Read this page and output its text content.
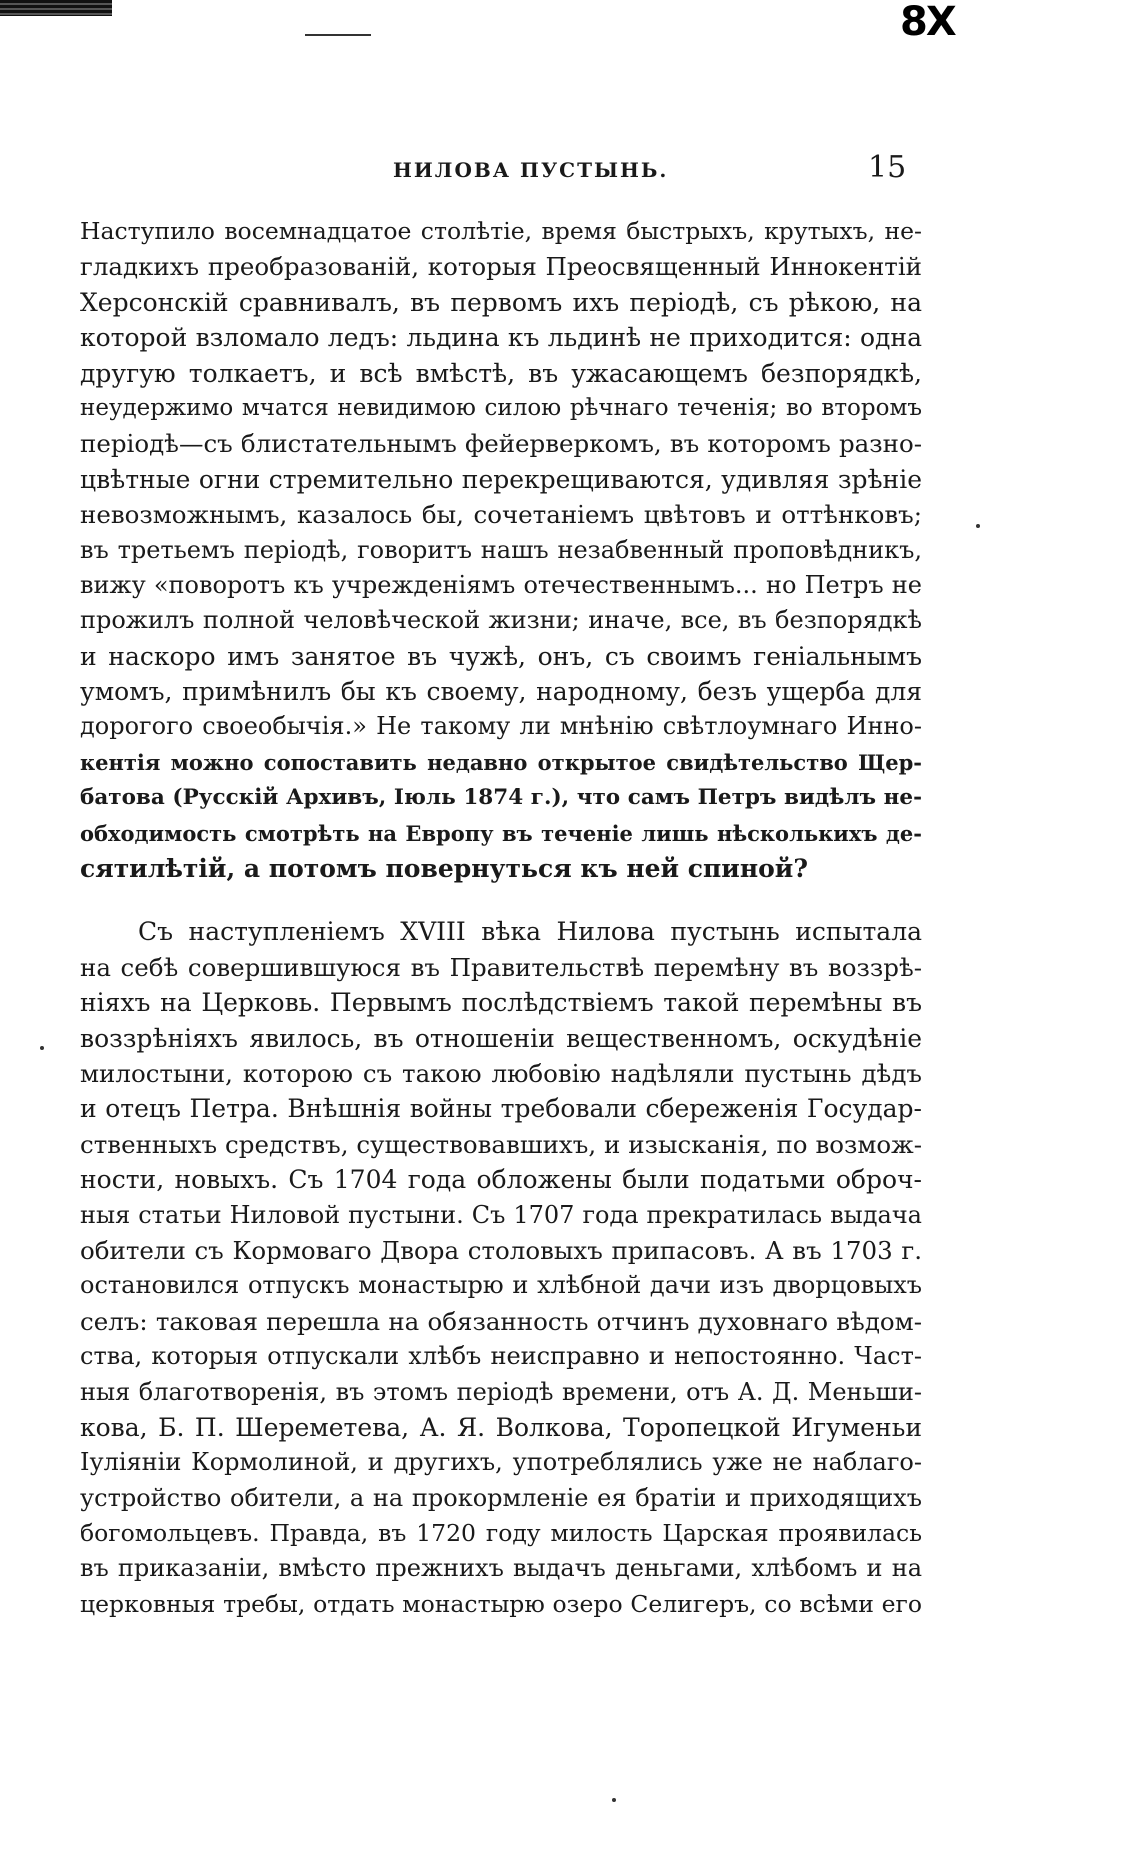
8X
НИЛОВА ПУСТЫНЬ.	15
Наступило восемнадцатое столѣтіе, время быстрыхъ, крутыхъ, не-
гладкихъ преобразованій, которыя Преосвященный Иннокентій
Херсонскій сравнивалъ, въ первомъ ихъ періодѣ, съ рѣкою, на
которой взломало ледъ: льдина къ льдинѣ не приходится: одна
другую толкаетъ, и всѣ вмѣстѣ, въ ужасающемъ безпорядкѣ,
неудержимо мчатся невидимою силою рѣчнаго теченія; во второмъ
періодѣ—съ блистательнымъ фейерверкомъ, въ которомъ разно-
цвѣтные огни стремительно перекрещиваются, удивляя зрѣніе
невозможнымъ, казалось бы, сочетаніемъ цвѣтовъ и оттѣнковъ;
въ третьемъ періодѣ, говоритъ нашъ незабвенный проповѣдникъ,
вижу «поворотъ къ учрежденіямъ отечественнымъ... но Петръ не
прожилъ полной человѣческой жизни; иначе, все, въ безпорядкѣ
и наскоро имъ занятое въ чужѣ, онъ, съ своимъ геніальнымъ
умомъ, примѣнилъ бы къ своему, народному, безъ ущерба для
дорогого своеобычія.» Не такому ли мнѣнію свѣтлоумнаго Инно-
кентія можно сопоставить недавно открытое свидѣтельство Щер-
батова (Русскій Архивъ, Іюль 1874 г.), что самъ Петръ видѣлъ не-
обходимость смотрѣть на Европу въ теченіе лишь нѣсколькихъ де-
сятилѣтій, а потомъ повернуться къ ней спиной?
Съ наступленіемъ XVIII вѣка Нилова пустынь испытала
на себѣ совершившуюся въ Правительствѣ перемѣну въ воззрѣ-
ніяхъ на Церковь. Первымъ послѣдствіемъ такой перемѣны въ
воззрѣніяхъ явилось, въ отношеніи вещественномъ, оскудѣніе
милостыни, которою съ такою любовію надѣляли пустынь дѣдъ
и отецъ Петра. Внѣшнія войны требовали сбереженія Государ-
ственныхъ средствъ, существовавшихъ, и изысканія, по возмож-
ности, новыхъ. Съ 1704 года обложены были податьми оброч-
ныя статьи Ниловой пустыни. Съ 1707 года прекратилась выдача
обители съ Кормоваго Двора столовыхъ припасовъ. А въ 1703 г.
остановился отпускъ монастырю и хлѣбной дачи изъ дворцовыхъ
селъ: таковая перешла на обязанность отчинъ духовнаго вѣдом-
ства, которыя отпускали хлѣбъ неисправно и непостоянно. Част-
ныя благотворенія, въ этомъ періодѣ времени, отъ А. Д. Меньши-
кова, Б. П. Шереметева, А. Я. Волкова, Торопецкой Игуменьи
Іуліяніи Кормолиной, и другихъ, употреблялись уже не наблаго-
устройство обители, а на прокормленіе ея братіи и приходящихъ
богомольцевъ. Правда, въ 1720 году милость Царская проявилась
въ приказаніи, вмѣсто прежнихъ выдачъ деньгами, хлѣбомъ и на
церковныя требы, отдать монастырю озеро Селигеръ, со всѣми его
